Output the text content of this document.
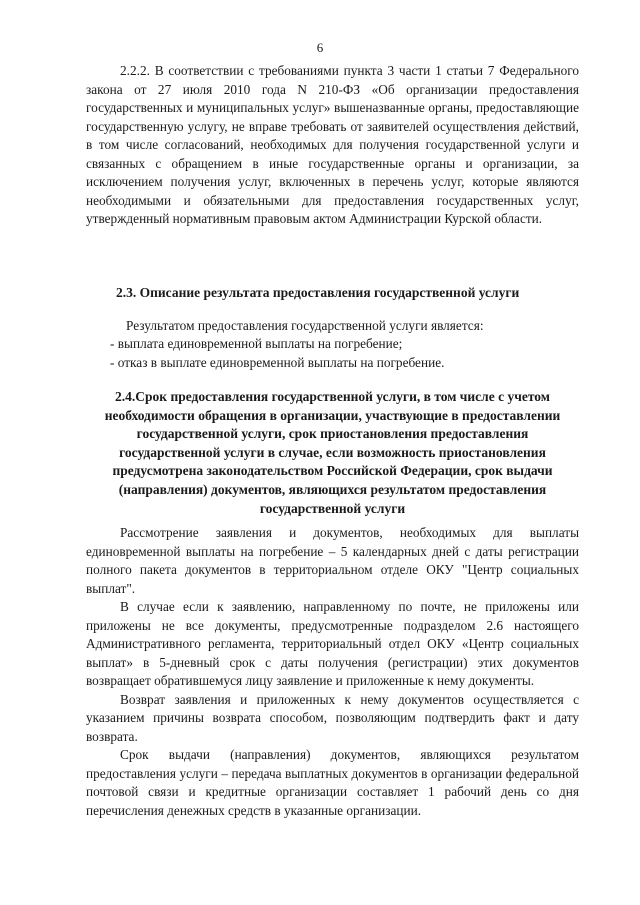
6

2.2.2. В соответствии с требованиями пункта 3 части 1 статьи 7 Федерального закона от 27 июля 2010 года N 210-ФЗ «Об организации предоставления государственных и муниципальных услуг» вышеназванные органы, предоставляющие государственную услугу, не вправе требовать от заявителей осуществления действий, в том числе согласований, необходимых для получения государственной услуги и связанных с обращением в иные государственные органы и организации, за исключением получения услуг, включенных в перечень услуг, которые являются необходимыми и обязательными для предоставления государственных услуг, утвержденный нормативным правовым актом Администрации Курской области.

2.3. Описание результата предоставления государственной услуги

Результатом предоставления государственной услуги является:

- выплата единовременной выплаты на погребение;

- отказ в выплате единовременной выплаты на погребение.

2.4.Срок предоставления государственной услуги, в том числе с учетом необходимости обращения в организации, участвующие в предоставлении государственной услуги, срок приостановления предоставления государственной услуги в случае, если возможность приостановления предусмотрена законодательством Российской Федерации, срок выдачи (направления) документов, являющихся результатом предоставления государственной услуги

Рассмотрение заявления и документов, необходимых для выплаты единовременной выплаты на погребение – 5 календарных дней с даты регистрации полного пакета документов в территориальном отделе ОКУ "Центр социальных выплат".

В случае если к заявлению, направленному по почте, не приложены или приложены не все документы, предусмотренные подразделом 2.6 настоящего Административного регламента, территориальный отдел ОКУ «Центр социальных выплат» в 5-дневный срок с даты получения (регистрации) этих документов возвращает обратившемуся лицу заявление и приложенные к нему документы.

Возврат заявления и приложенных к нему документов осуществляется с указанием причины возврата способом, позволяющим подтвердить факт и дату возврата.

Срок выдачи (направления) документов, являющихся результатом предоставления услуги – передача выплатных документов в организации федеральной почтовой связи и кредитные организации составляет 1 рабочий день со дня перечисления денежных средств в указанные организации.
